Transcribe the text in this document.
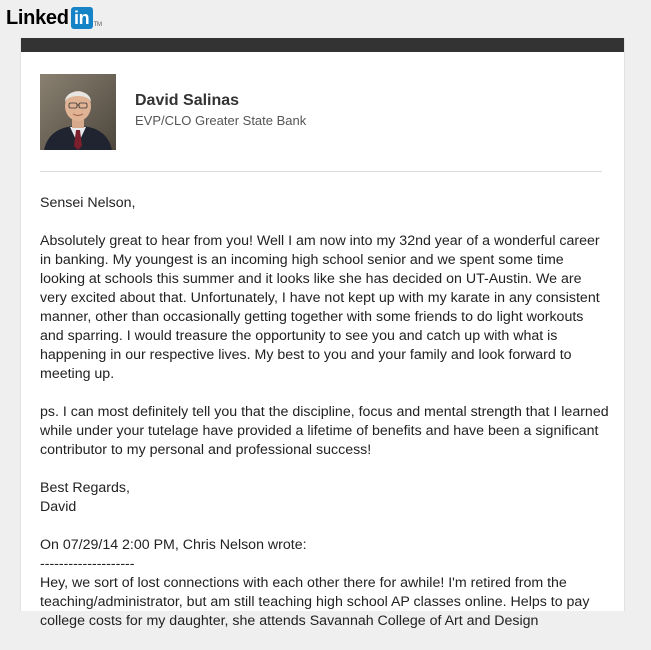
Linked in TM
David Salinas
EVP/CLO Greater State Bank

Sensei Nelson,

Absolutely great to hear from you! Well I am now into my 32nd year of a wonderful career in banking. My youngest is an incoming high school senior and we spent some time looking at schools this summer and it looks like she has decided on UT-Austin. We are very excited about that. Unfortunately, I have not kept up with my karate in any consistent manner, other than occasionally getting together with some friends to do light workouts and sparring. I would treasure the opportunity to see you and catch up with what is happening in our respective lives. My best to you and your family and look forward to meeting up.

ps. I can most definitely tell you that the discipline, focus and mental strength that I learned while under your tutelage have provided a lifetime of benefits and have been a significant contributor to my personal and professional success!

Best Regards,

David

On 07/29/14 2:00 PM, Chris Nelson wrote:

--------------------

Hey, we sort of lost connections with each other there for awhile! I'm retired from the teaching/administrator, but am still teaching high school AP classes online. Helps to pay college costs for my daughter, she attends Savannah College of Art and Design
